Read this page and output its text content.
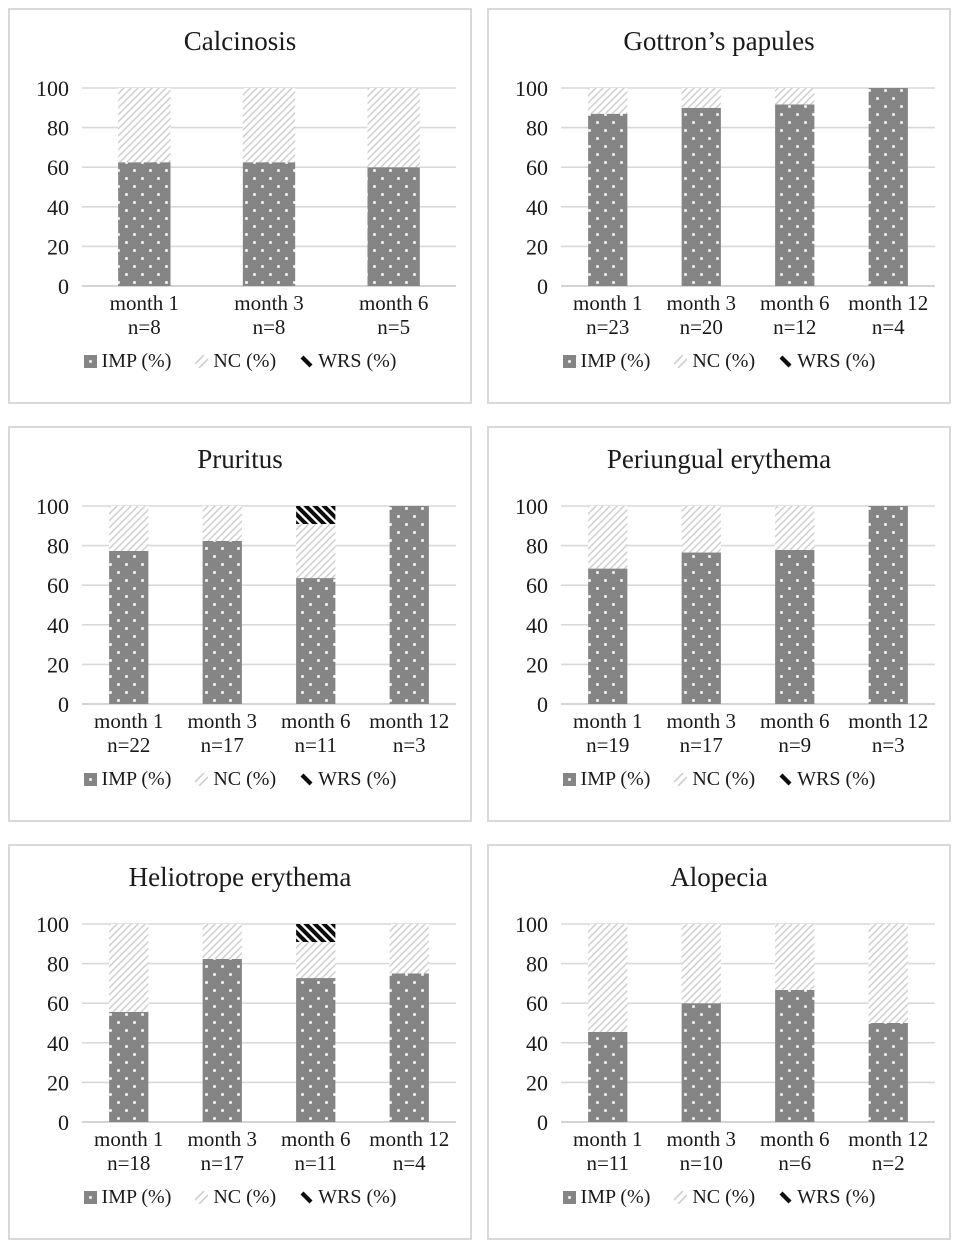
Calcinosis
0
20
40
60
80
100
month 1
n=8
month 3
n=8
month 6
n=5
IMP (%) NC (%) WRS (%)
Gottron’s papules
0
20
40
60
80
100
month 1
n=23
month 3
n=20
month 6
n=12
month 12
n=4
IMP (%) NC (%) WRS (%)
Pruritus
0
20
40
60
80
100
month 1
n=22
month 3
n=17
month 6
n=11
month 12
n=3
IMP (%) NC (%) WRS (%)
Periungual erythema
0
20
40
60
80
100
month 1
n=19
month 3
n=17
month 6
n=9
month 12
n=3
IMP (%) NC (%) WRS (%)
Heliotrope erythema
0
20
40
60
80
100
month 1
n=18
month 3
n=17
month 6
n=11
month 12
n=4
IMP (%) NC (%) WRS (%)
Alopecia
0
20
40
60
80
100
month 1
n=11
month 3
n=10
month 6
n=6
month 12
n=2
IMP (%) NC (%) WRS (%)
